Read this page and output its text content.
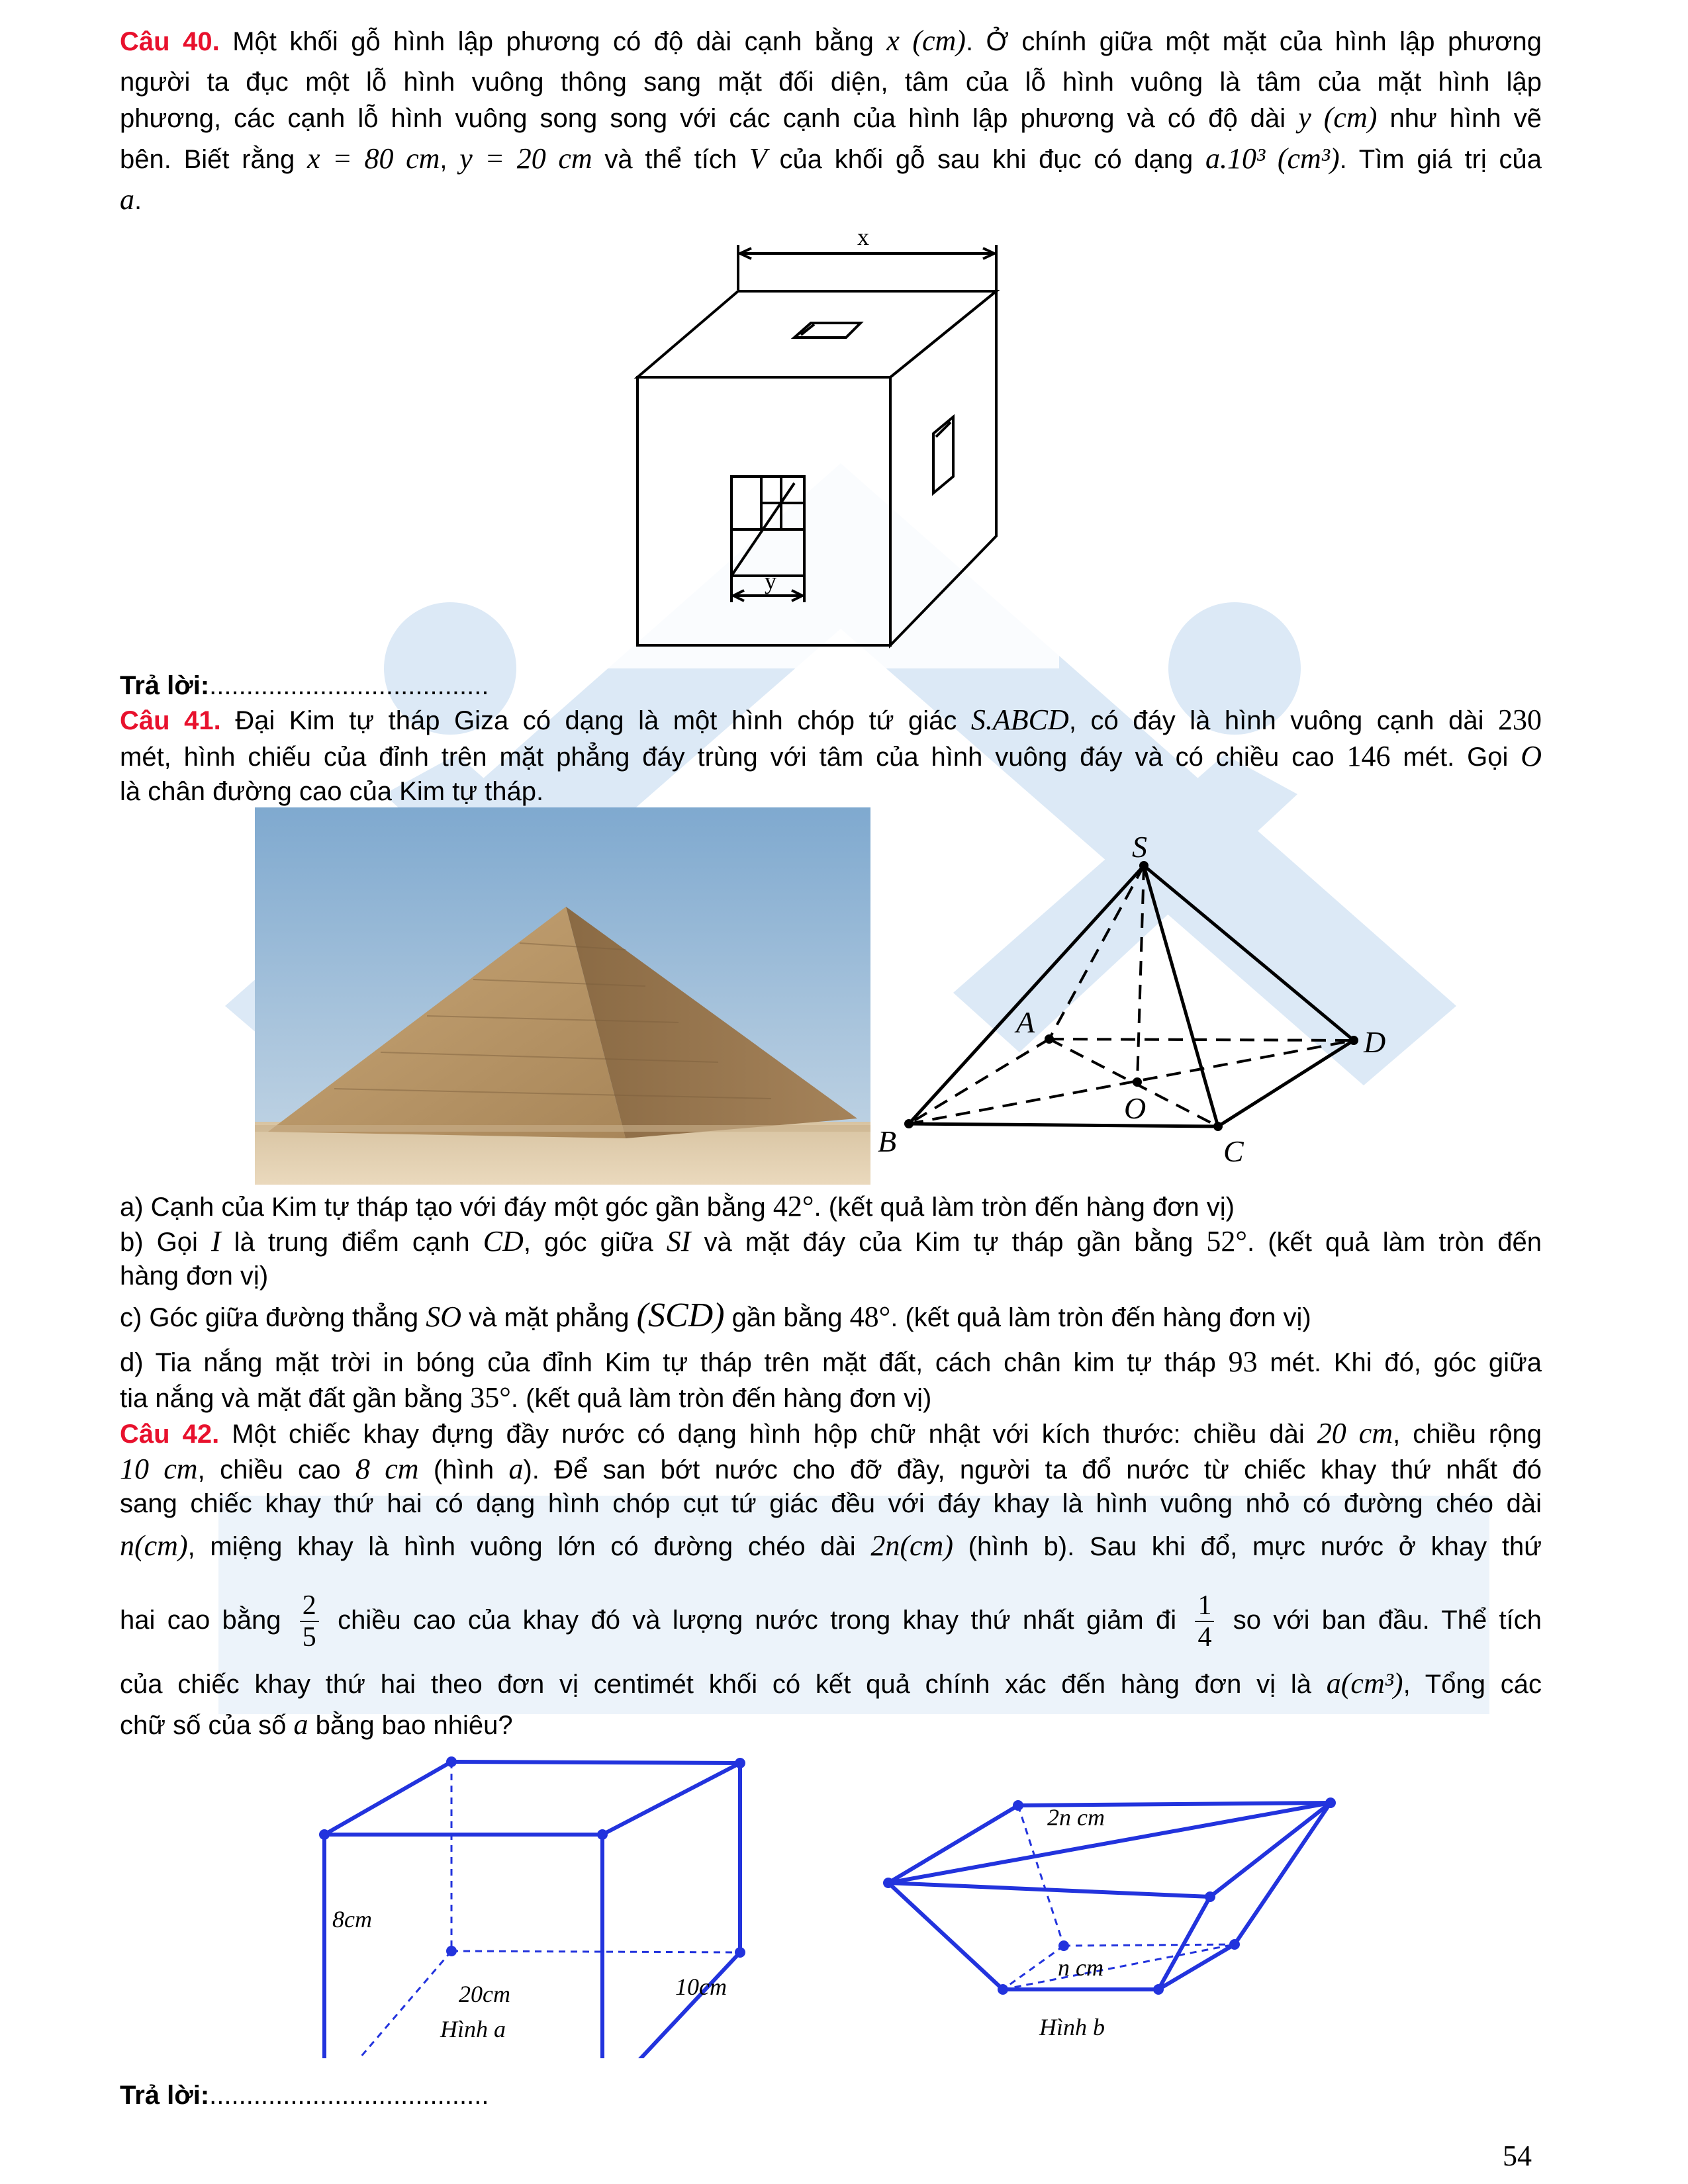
Câu 40. Một khối gỗ hình lập phương có độ dài cạnh bằng x (cm). Ở chính giữa một mặt của hình lập phương

người ta đục một lỗ hình vuông thông sang mặt đối diện, tâm của lỗ hình vuông là tâm của mặt hình lập

phương, các cạnh lỗ hình vuông song song với các cạnh của hình lập phương và có độ dài y (cm) như hình vẽ

bên. Biết rằng x = 80 cm, y = 20 cm và thể tích V của khối gỗ sau khi đục có dạng a.10³ (cm³). Tìm giá trị của

a.

x
y

Trả lời:......................................

Câu 41. Đại Kim tự tháp Giza có dạng là một hình chóp tứ giác S.ABCD, có đáy là hình vuông cạnh dài 230

mét, hình chiếu của đỉnh trên mặt phẳng đáy trùng với tâm của hình vuông đáy và có chiều cao 146 mét. Gọi O

là chân đường cao của Kim tự tháp.

S
A
D
O
B	C

a) Cạnh của Kim tự tháp tạo với đáy một góc gần bằng 42°. (kết quả làm tròn đến hàng đơn vị)

b) Gọi I là trung điểm cạnh CD, góc giữa SI và mặt đáy của Kim tự tháp gần bằng 52°. (kết quả làm tròn đến

hàng đơn vị)

c) Góc giữa đường thẳng SO và mặt phẳng (SCD) gần bằng 48°. (kết quả làm tròn đến hàng đơn vị)

d) Tia nắng mặt trời in bóng của đỉnh Kim tự tháp trên mặt đất, cách chân kim tự tháp 93 mét. Khi đó, góc giữa

tia nắng và mặt đất gần bằng 35°. (kết quả làm tròn đến hàng đơn vị)

Câu 42. Một chiếc khay đựng đầy nước có dạng hình hộp chữ nhật với kích thước: chiều dài 20 cm, chiều rộng

10 cm, chiều cao 8 cm (hình a). Để san bớt nước cho đỡ đầy, người ta đổ nước từ chiếc khay thứ nhất đó

sang chiếc khay thứ hai có dạng hình chóp cụt tứ giác đều với đáy khay là hình vuông nhỏ có đường chéo dài

n(cm), miệng khay là hình vuông lớn có đường chéo dài 2n(cm) (hình b). Sau khi đổ, mực nước ở khay thứ

hai cao bằng $\frac{2}{5}$ chiều cao của khay đó và lượng nước trong khay thứ nhất giảm đi $\frac{1}{4}$ so với ban đầu. Thể tích

của chiếc khay thứ hai theo đơn vị centimét khối có kết quả chính xác đến hàng đơn vị là a(cm³), Tổng các

chữ số của số a bằng bao nhiêu?

8cm
20cm	10cm
Hình a
2n cm
n cm
Hình b

Trả lời:......................................

54
